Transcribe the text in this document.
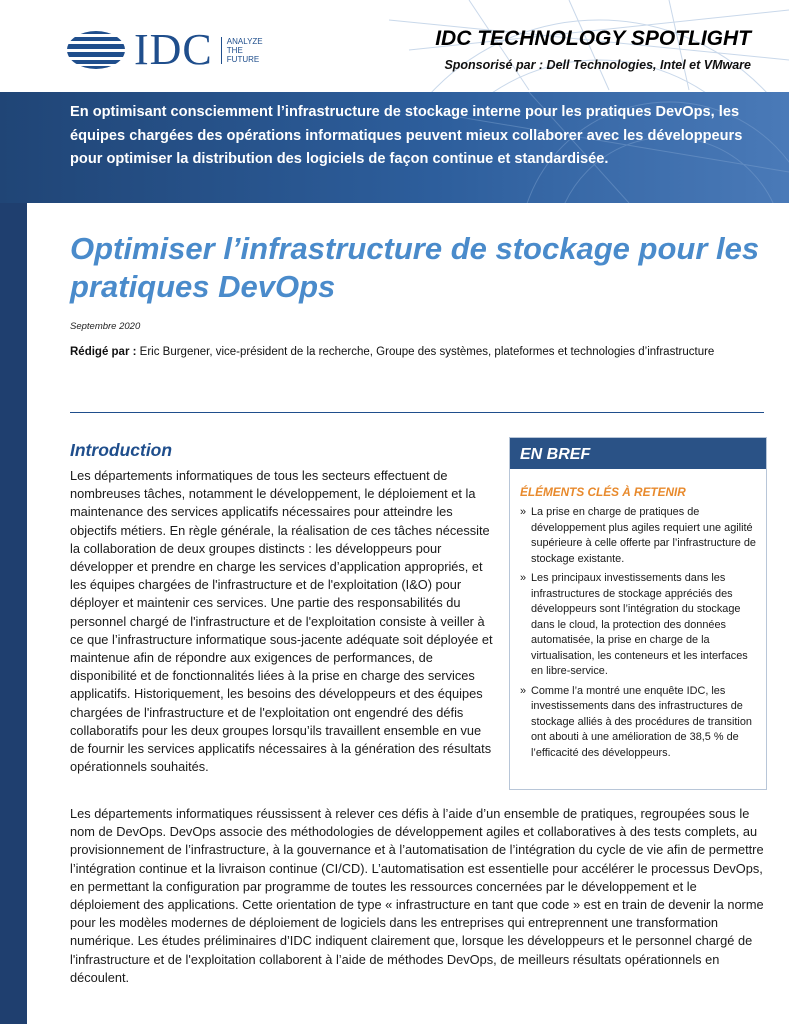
IDC ANALYZE
THE
FUTURE
IDC TECHNOLOGY SPOTLIGHT
Sponsorisé par : Dell Technologies, Intel et VMware
En optimisant consciemment l’infrastructure de stockage interne pour les pratiques DevOps, les équipes chargées des opérations informatiques peuvent mieux collaborer avec les développeurs pour optimiser la distribution des logiciels de façon continue et standardisée.
Optimiser l’infrastructure de stockage pour les pratiques DevOps
Septembre 2020
Rédigé par : Eric Burgener, vice-président de la recherche, Groupe des systèmes, plateformes et technologies d’infrastructure
Introduction

Les départements informatiques de tous les secteurs effectuent de nombreuses tâches, notamment le développement, le déploiement et la maintenance des services applicatifs nécessaires pour atteindre les objectifs métiers. En règle générale, la réalisation de ces tâches nécessite la collaboration de deux groupes distincts : les développeurs pour développer et prendre en charge les services d’application appropriés, et les équipes chargées de l'infrastructure et de l'exploitation (I&O) pour déployer et maintenir ces services. Une partie des responsabilités du personnel chargé de l'infrastructure et de l'exploitation consiste à veiller à ce que l’infrastructure informatique sous-jacente adéquate soit déployée et maintenue afin de répondre aux exigences de performances, de disponibilité et de fonctionnalités liées à la prise en charge des services applicatifs. Historiquement, les besoins des développeurs et des équipes chargées de l'infrastructure et de l'exploitation ont engendré des défis collaboratifs pour les deux groupes lorsqu’ils travaillent ensemble en vue de fournir les services applicatifs nécessaires à la génération des résultats opérationnels souhaités.

EN BREF
ÉLÉMENTS CLÉS À RETENIR
» La prise en charge de pratiques de développement plus agiles requiert une agilité supérieure à celle offerte par l’infrastructure de stockage existante.
» Les principaux investissements dans les infrastructures de stockage appréciés des développeurs sont l’intégration du stockage dans le cloud, la protection des données automatisée, la prise en charge de la virtualisation, les conteneurs et les interfaces en libre-service.
» Comme l’a montré une enquête IDC, les investissements dans des infrastructures de stockage alliés à des procédures de transition ont abouti à une amélioration de 38,5 % de l’efficacité des développeurs.

Les départements informatiques réussissent à relever ces défis à l’aide d’un ensemble de pratiques, regroupées sous le nom de DevOps. DevOps associe des méthodologies de développement agiles et collaboratives à des tests complets, au provisionnement de l’infrastructure, à la gouvernance et à l’automatisation de l’intégration du cycle de vie afin de permettre l’intégration continue et la livraison continue (CI/CD). L’automatisation est essentielle pour accélérer le processus DevOps, en permettant la configuration par programme de toutes les ressources concernées par le développement et le déploiement des applications. Cette orientation de type « infrastructure en tant que code » est en train de devenir la norme pour les modèles modernes de déploiement de logiciels dans les entreprises qui entreprennent une transformation numérique. Les études préliminaires d’IDC indiquent clairement que, lorsque les développeurs et le personnel chargé de l'infrastructure et de l'exploitation collaborent à l’aide de méthodes DevOps, de meilleurs résultats opérationnels en découlent.
